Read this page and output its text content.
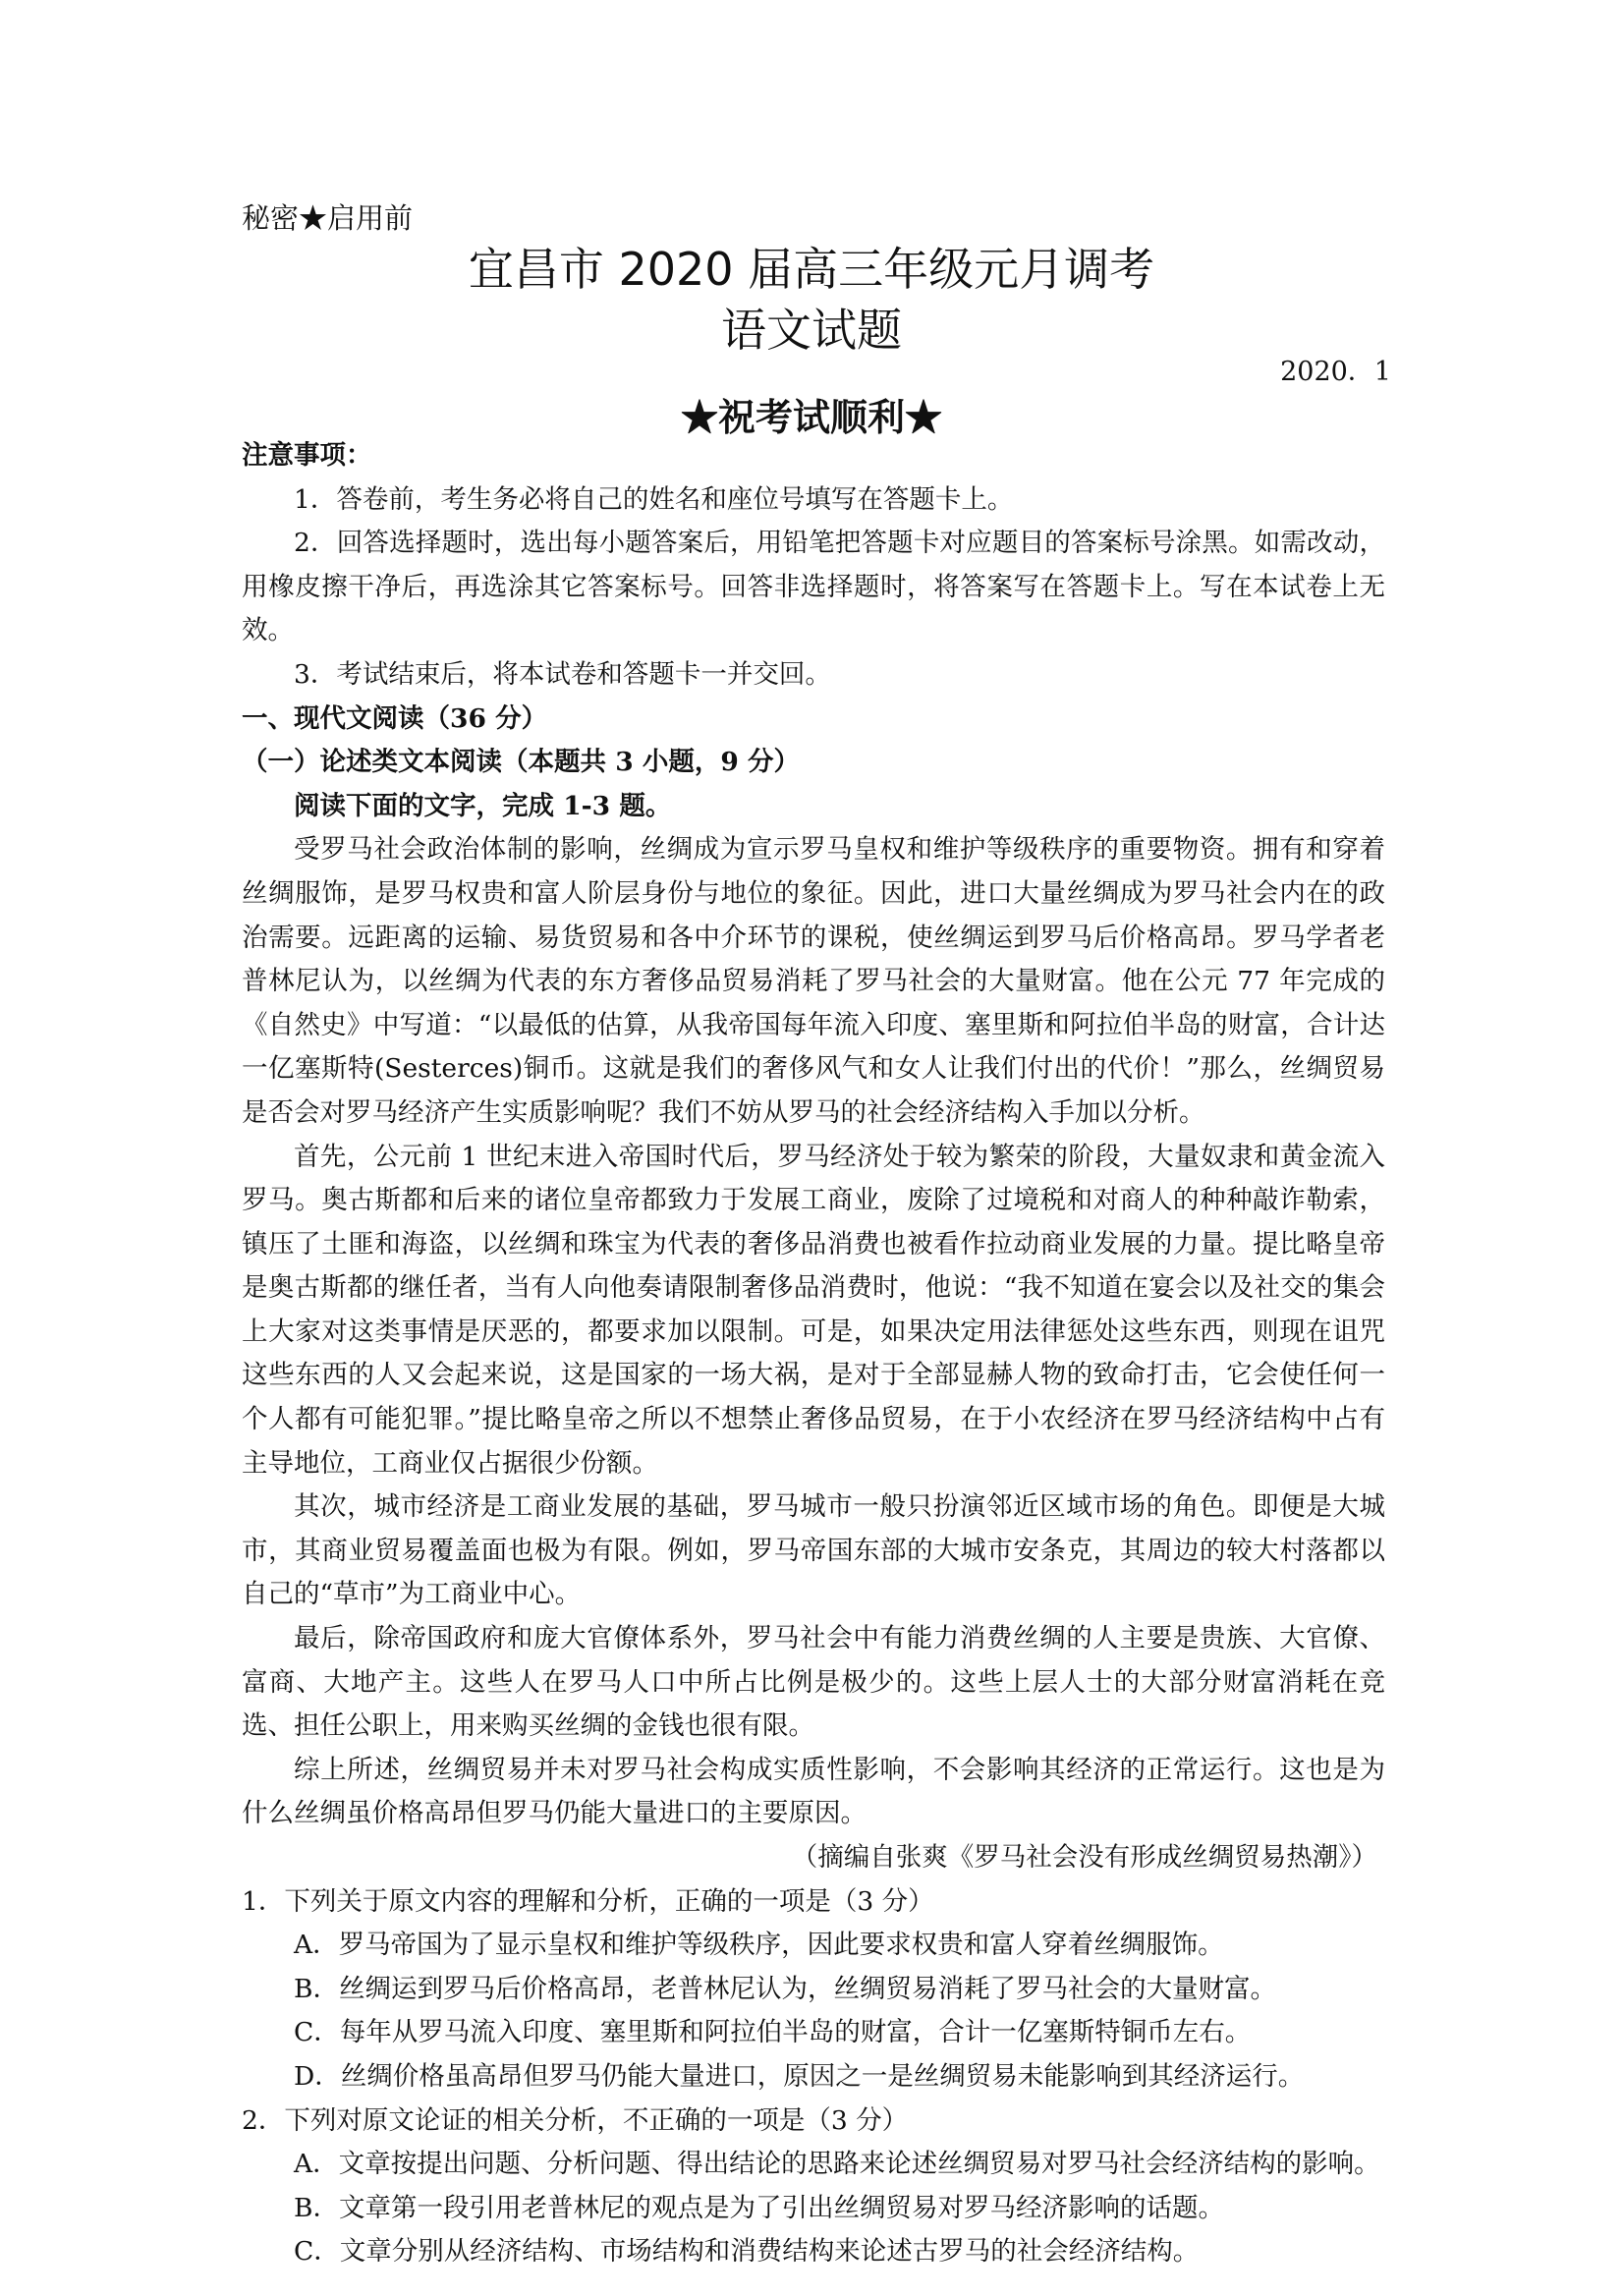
秘密★启用前
宜昌市 2020 届高三年级元月调考
语文试题
2020．1
★祝考试顺利★

注意事项：

1．答卷前，考生务必将自己的姓名和座位号填写在答题卡上。

2．回答选择题时，选出每小题答案后，用铅笔把答题卡对应题目的答案标号涂黑。如需改动，用橡皮擦干净后，再选涂其它答案标号。回答非选择题时，将答案写在答题卡上。写在本试卷上无效。

3．考试结束后，将本试卷和答题卡一并交回。

一、现代文阅读（36 分）

（一）论述类文本阅读（本题共 3 小题，9 分）

阅读下面的文字，完成 1-3 题。

受罗马社会政治体制的影响，丝绸成为宣示罗马皇权和维护等级秩序的重要物资。拥有和穿着丝绸服饰，是罗马权贵和富人阶层身份与地位的象征。因此，进口大量丝绸成为罗马社会内在的政治需要。远距离的运输、易货贸易和各中介环节的课税，使丝绸运到罗马后价格高昂。罗马学者老普林尼认为，以丝绸为代表的东方奢侈品贸易消耗了罗马社会的大量财富。他在公元 77 年完成的《自然史》中写道：“以最低的估算，从我帝国每年流入印度、塞里斯和阿拉伯半岛的财富，合计达一亿塞斯特(Sesterces)铜币。这就是我们的奢侈风气和女人让我们付出的代价！”那么，丝绸贸易是否会对罗马经济产生实质影响呢？我们不妨从罗马的社会经济结构入手加以分析。

首先，公元前 1 世纪末进入帝国时代后，罗马经济处于较为繁荣的阶段，大量奴隶和黄金流入罗马。奥古斯都和后来的诸位皇帝都致力于发展工商业，废除了过境税和对商人的种种敲诈勒索，镇压了土匪和海盗，以丝绸和珠宝为代表的奢侈品消费也被看作拉动商业发展的力量。提比略皇帝是奥古斯都的继任者，当有人向他奏请限制奢侈品消费时，他说：“我不知道在宴会以及社交的集会上大家对这类事情是厌恶的，都要求加以限制。可是，如果决定用法律惩处这些东西，则现在诅咒这些东西的人又会起来说，这是国家的一场大祸，是对于全部显赫人物的致命打击，它会使任何一个人都有可能犯罪。”提比略皇帝之所以不想禁止奢侈品贸易，在于小农经济在罗马经济结构中占有主导地位，工商业仅占据很少份额。

其次，城市经济是工商业发展的基础，罗马城市一般只扮演邻近区域市场的角色。即便是大城市，其商业贸易覆盖面也极为有限。例如，罗马帝国东部的大城市安条克，其周边的较大村落都以自己的“草市”为工商业中心。

最后，除帝国政府和庞大官僚体系外，罗马社会中有能力消费丝绸的人主要是贵族、大官僚、富商、大地产主。这些人在罗马人口中所占比例是极少的。这些上层人士的大部分财富消耗在竞选、担任公职上，用来购买丝绸的金钱也很有限。

综上所述，丝绸贸易并未对罗马社会构成实质性影响，不会影响其经济的正常运行。这也是为什么丝绸虽价格高昂但罗马仍能大量进口的主要原因。

（摘编自张爽《罗马社会没有形成丝绸贸易热潮》）

1．下列关于原文内容的理解和分析，正确的一项是（3 分）

A．罗马帝国为了显示皇权和维护等级秩序，因此要求权贵和富人穿着丝绸服饰。

B．丝绸运到罗马后价格高昂，老普林尼认为，丝绸贸易消耗了罗马社会的大量财富。

C．每年从罗马流入印度、塞里斯和阿拉伯半岛的财富，合计一亿塞斯特铜币左右。

D．丝绸价格虽高昂但罗马仍能大量进口，原因之一是丝绸贸易未能影响到其经济运行。

2．下列对原文论证的相关分析，不正确的一项是（3 分）

A．文章按提出问题、分析问题、得出结论的思路来论述丝绸贸易对罗马社会经济结构的影响。

B．文章第一段引用老普林尼的观点是为了引出丝绸贸易对罗马经济影响的话题。

C．文章分别从经济结构、市场结构和消费结构来论述古罗马的社会经济结构。
